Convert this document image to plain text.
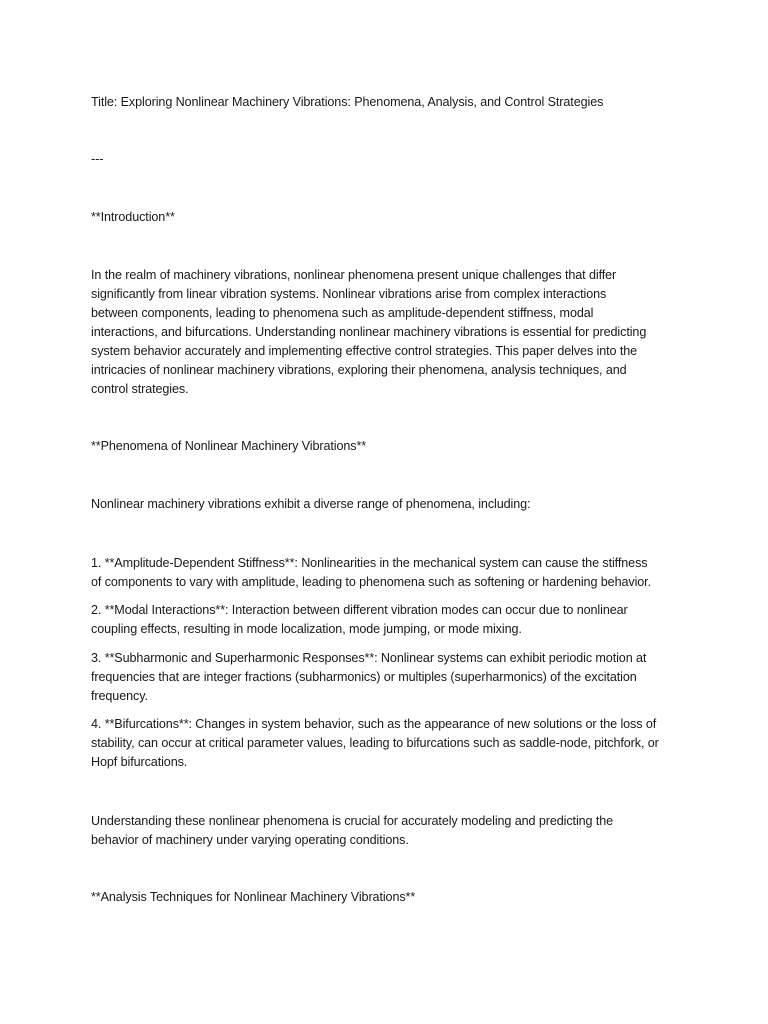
Title: Exploring Nonlinear Machinery Vibrations: Phenomena, Analysis, and Control Strategies
---
**Introduction**
In the realm of machinery vibrations, nonlinear phenomena present unique challenges that differ
significantly from linear vibration systems. Nonlinear vibrations arise from complex interactions
between components, leading to phenomena such as amplitude-dependent stiffness, modal
interactions, and bifurcations. Understanding nonlinear machinery vibrations is essential for predicting
system behavior accurately and implementing effective control strategies. This paper delves into the
intricacies of nonlinear machinery vibrations, exploring their phenomena, analysis techniques, and
control strategies.
**Phenomena of Nonlinear Machinery Vibrations**
Nonlinear machinery vibrations exhibit a diverse range of phenomena, including:
1. **Amplitude-Dependent Stiffness**: Nonlinearities in the mechanical system can cause the stiffness
of components to vary with amplitude, leading to phenomena such as softening or hardening behavior.
2. **Modal Interactions**: Interaction between different vibration modes can occur due to nonlinear
coupling effects, resulting in mode localization, mode jumping, or mode mixing.
3. **Subharmonic and Superharmonic Responses**: Nonlinear systems can exhibit periodic motion at
frequencies that are integer fractions (subharmonics) or multiples (superharmonics) of the excitation
frequency.
4. **Bifurcations**: Changes in system behavior, such as the appearance of new solutions or the loss of
stability, can occur at critical parameter values, leading to bifurcations such as saddle-node, pitchfork, or
Hopf bifurcations.
Understanding these nonlinear phenomena is crucial for accurately modeling and predicting the
behavior of machinery under varying operating conditions.
**Analysis Techniques for Nonlinear Machinery Vibrations**
